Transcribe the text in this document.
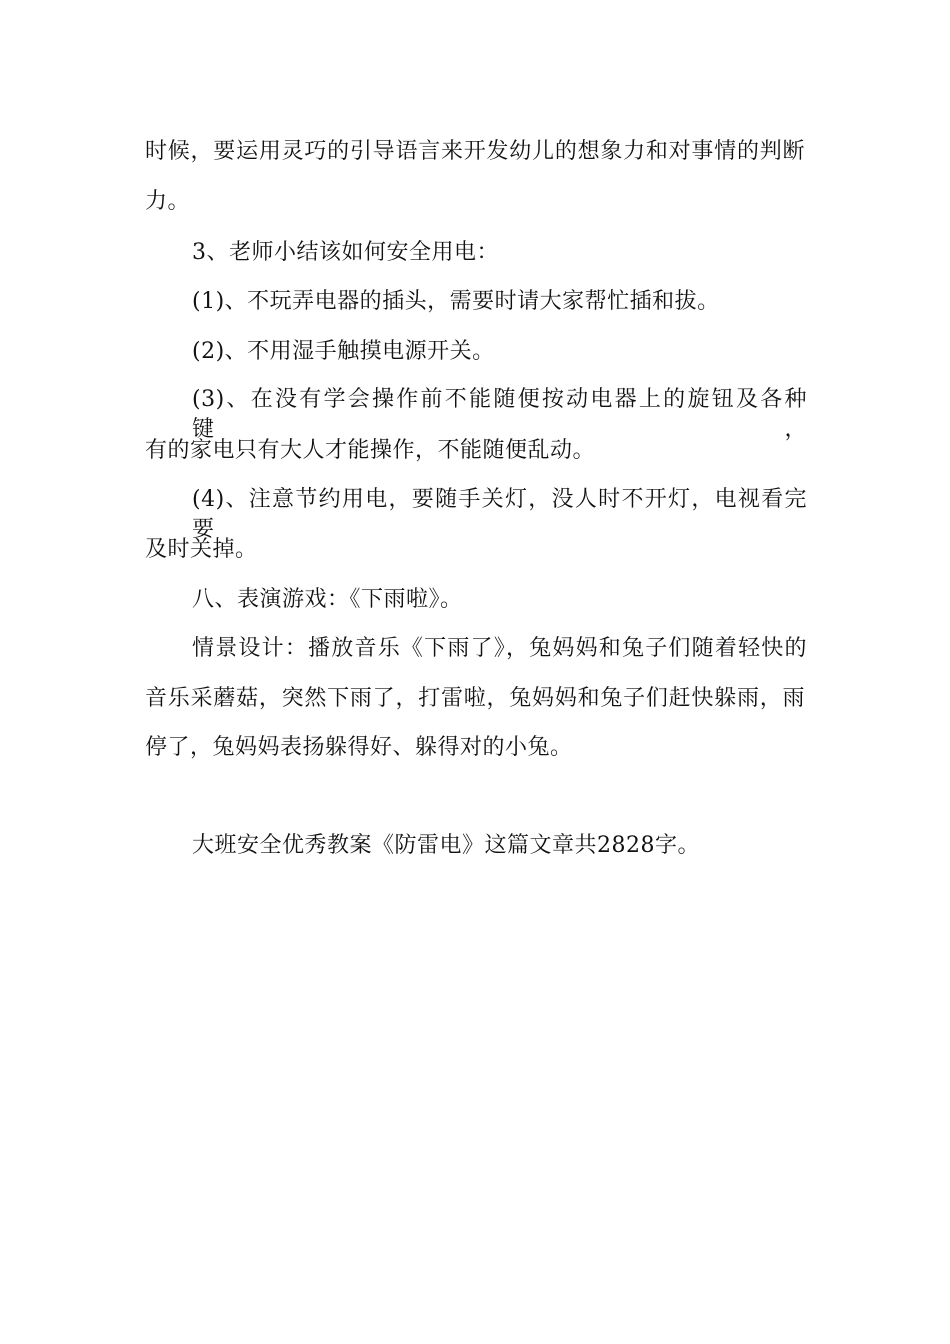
时候，要运用灵巧的引导语言来开发幼儿的想象力和对事情的判断
力。
3、老师小结该如何安全用电：
(1)、不玩弄电器的插头，需要时请大家帮忙插和拔。
(2)、不用湿手触摸电源开关。
(3)、在没有学会操作前不能随便按动电器上的旋钮及各种键，
有的家电只有大人才能操作，不能随便乱动。
(4)、注意节约用电，要随手关灯，没人时不开灯，电视看完要
及时关掉。
八、表演游戏：《下雨啦》。
情景设计：播放音乐《下雨了》，兔妈妈和兔子们随着轻快的
音乐采蘑菇，突然下雨了，打雷啦，兔妈妈和兔子们赶快躲雨，雨
停了，兔妈妈表扬躲得好、躲得对的小兔。
大班安全优秀教案《防雷电》这篇文章共2828字。
